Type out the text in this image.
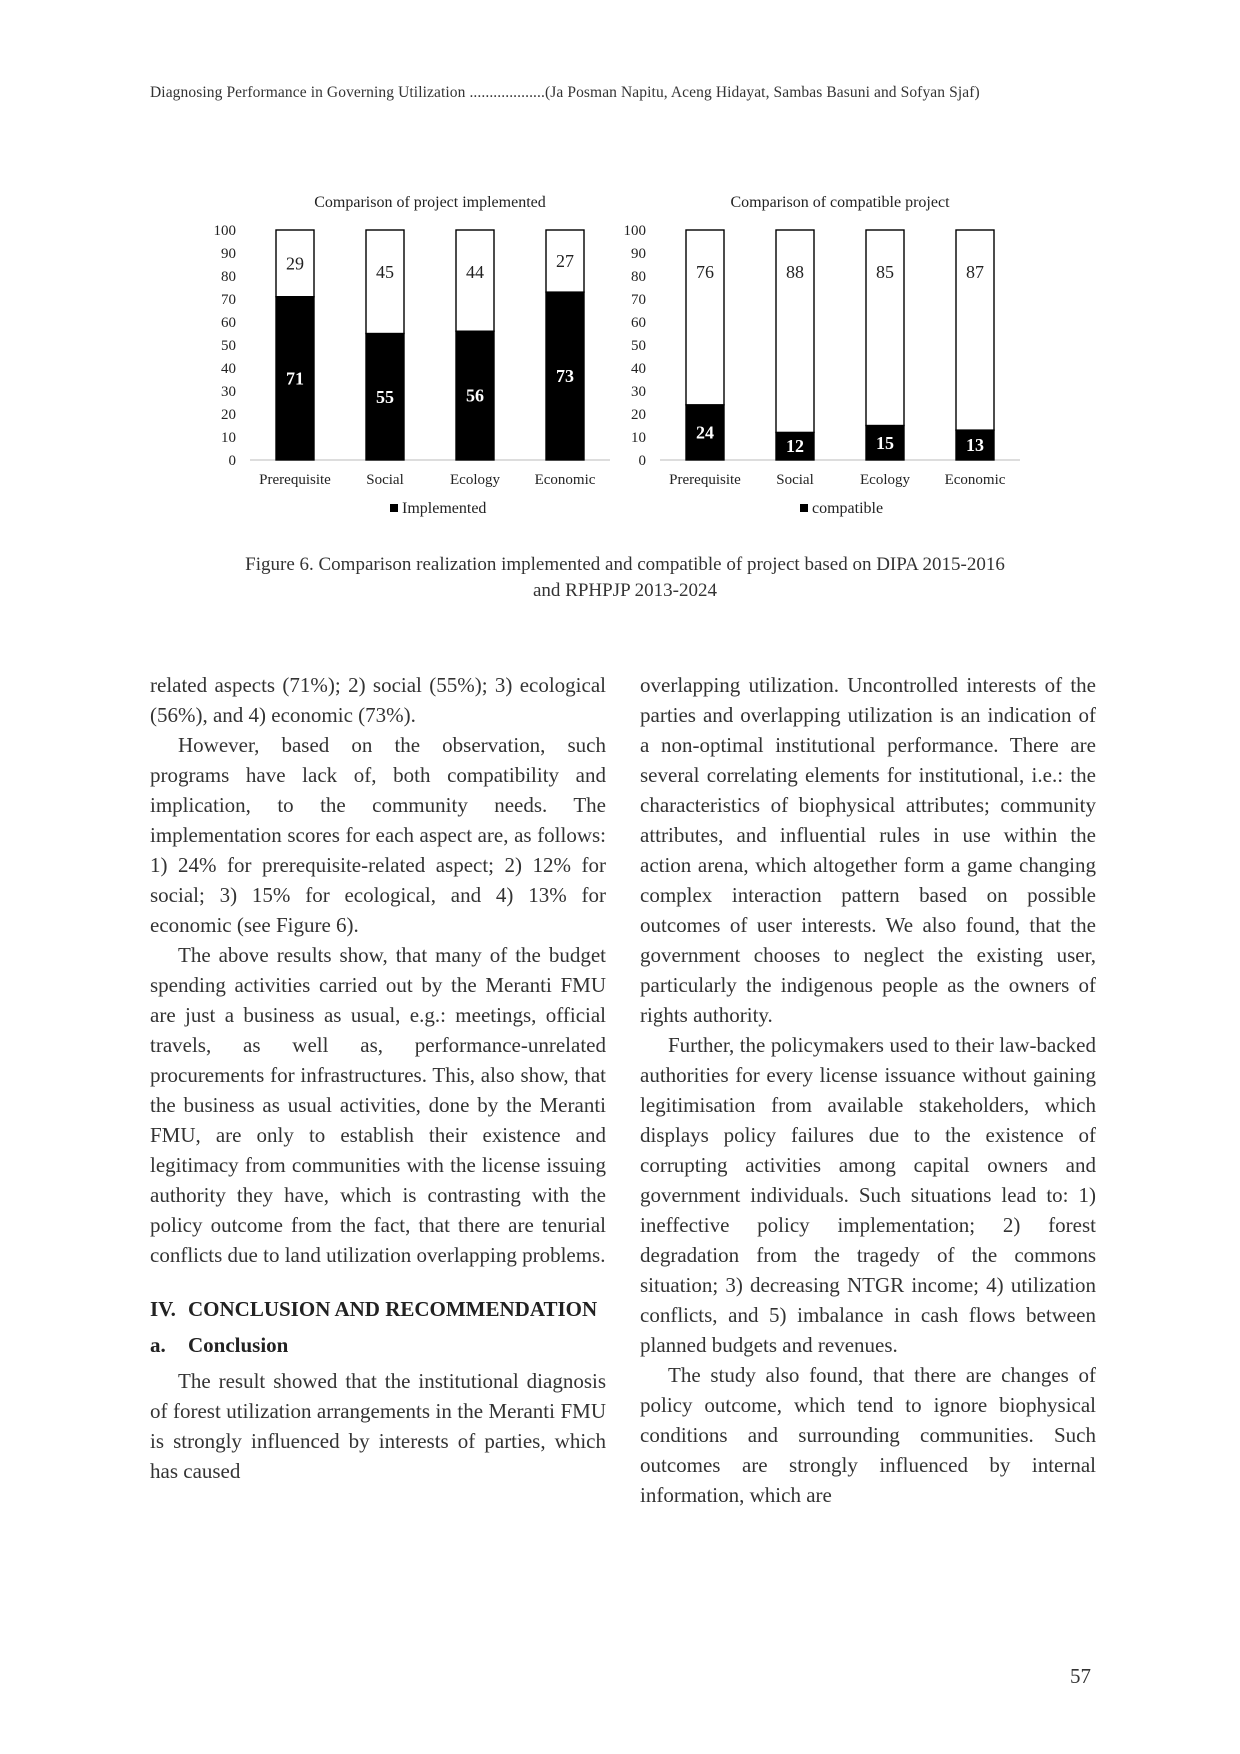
Diagnosing Performance in Governing Utilization ...................(Ja Posman Napitu, Aceng Hidayat, Sambas Basuni and Sofyan Sjaf)
Comparison of project implemented
0
10
20
30
40
50
60
70
80
90
100
71
29
Prerequisite
55
45
Social
56
44
Ecology
73
27
Economic
Implemented
Comparison of compatible project
0
10
20
30
40
50
60
70
80
90
100
24
76
Prerequisite
12
88
Social
15
85
Ecology
13
87
Economic
compatible
Figure 6. Comparison realization implemented and compatible of project based on DIPA 2015-2016
and RPHPJP 2013-2024

related aspects (71%); 2) social (55%); 3) ecological (56%), and 4) economic (73%).

However, based on the observation, such programs have lack of, both compatibility and implication, to the community needs. The implementation scores for each aspect are, as follows: 1) 24% for prerequisite-related aspect; 2) 12% for social; 3) 15% for ecological, and 4) 13% for economic (see Figure 6).

The above results show, that many of the budget spending activities carried out by the Meranti FMU are just a business as usual, e.g.: meetings, official travels, as well as, performance-unrelated procurements for infrastructures. This, also show, that the business as usual activities, done by the Meranti FMU, are only to establish their existence and legitimacy from communities with the license issuing authority they have, which is contrasting with the policy outcome from the fact, that there are tenurial conflicts due to land utilization overlapping problems.

IV. CONCLUSION AND RECOMMENDATION
a.	Conclusion

The result showed that the institutional diagnosis of forest utilization arrangements in the Meranti FMU is strongly influenced by interests of parties, which has caused

overlapping utilization. Uncontrolled interests of the parties and overlapping utilization is an indication of a non-optimal institutional performance. There are several correlating elements for institutional, i.e.: the characteristics of biophysical attributes; community attributes, and influential rules in use within the action arena, which altogether form a game changing complex interaction pattern based on possible outcomes of user interests. We also found, that the government chooses to neglect the existing user, particularly the indigenous people as the owners of rights authority.

Further, the policymakers used to their law-backed authorities for every license issuance without gaining legitimisation from available stakeholders, which displays policy failures due to the existence of corrupting activities among capital owners and government individuals. Such situations lead to: 1) ineffective policy implementation; 2) forest degradation from the tragedy of the commons situation; 3) decreasing NTGR income; 4) utilization conflicts, and 5) imbalance in cash flows between planned budgets and revenues.

The study also found, that there are changes of policy outcome, which tend to ignore biophysical conditions and surrounding communities. Such outcomes are strongly influenced by internal information, which are

57
